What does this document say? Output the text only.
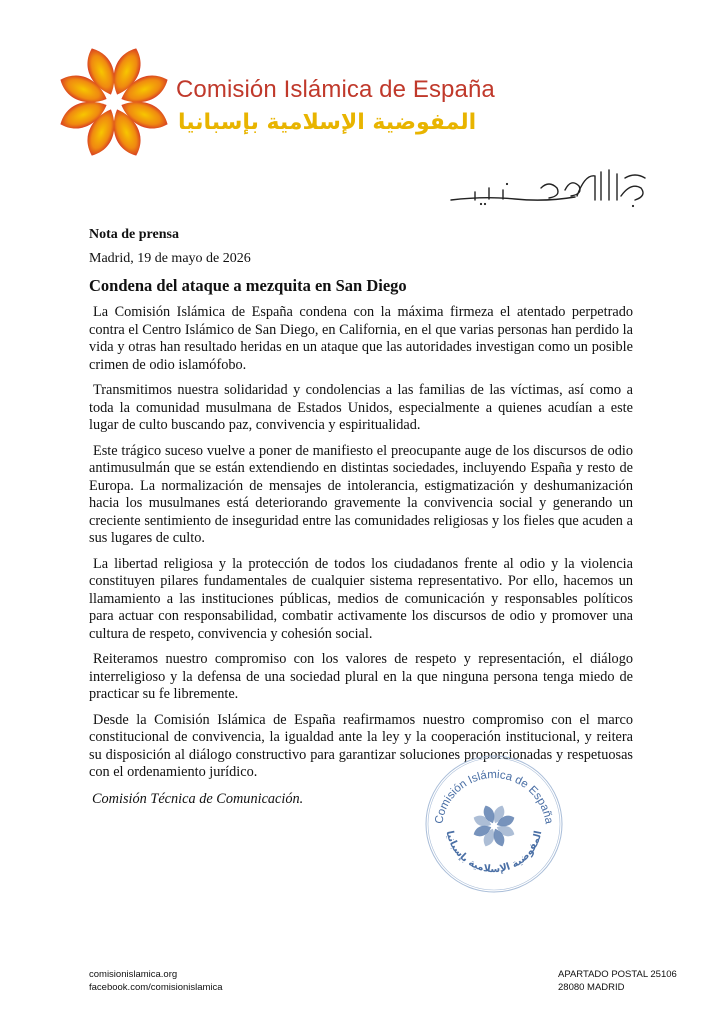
Comisión Islámica de España
المفوضية الإسلامية بإسبانيا

Nota de prensa

Madrid, 19 de mayo de 2026

Condena del ataque a mezquita en San Diego

La Comisión Islámica de España condena con la máxima firmeza el atentado perpetrado contra el Centro Islámico de San Diego, en California, en el que varias personas han perdido la vida y otras han resultado heridas en un ataque que las autoridades investigan como un posible crimen de odio islamófobo.

Transmitimos nuestra solidaridad y condolencias a las familias de las víctimas, así como a toda la comunidad musulmana de Estados Unidos, especialmente a quienes acudían a este lugar de culto buscando paz, convivencia y espiritualidad.

Este trágico suceso vuelve a poner de manifiesto el preocupante auge de los discursos de odio antimusulmán que se están extendiendo en distintas sociedades, incluyendo España y resto de Europa. La normalización de mensajes de intolerancia, estigmatización y deshumanización hacia los musulmanes está deteriorando gravemente la convivencia social y generando un creciente sentimiento de inseguridad entre las comunidades religiosas y los fieles que acuden a sus lugares de culto.

La libertad religiosa y la protección de todos los ciudadanos frente al odio y la violencia constituyen pilares fundamentales de cualquier sistema representativo. Por ello, hacemos un llamamiento a las instituciones públicas, medios de comunicación y responsables políticos para actuar con responsabilidad, combatir activamente los discursos de odio y promover una cultura de respeto, convivencia y cohesión social.

Reiteramos nuestro compromiso con los valores de respeto y representación, el diálogo interreligioso y la defensa de una sociedad plural en la que ninguna persona tenga miedo de practicar su fe libremente.

Desde la Comisión Islámica de España reafirmamos nuestro compromiso con el marco constitucional de convivencia, la igualdad ante la ley y la cooperación institucional, y reitera su disposición al diálogo constructivo para garantizar soluciones proporcionadas y respetuosas con el ordenamiento jurídico.

Comisión Técnica de Comunicación.

Comisión Islámica de España
المفوضية الإسلامية بإسبانيا
comisionislamica.org
facebook.com/comisionislamica
APARTADO POSTAL 25106
28080 MADRID
